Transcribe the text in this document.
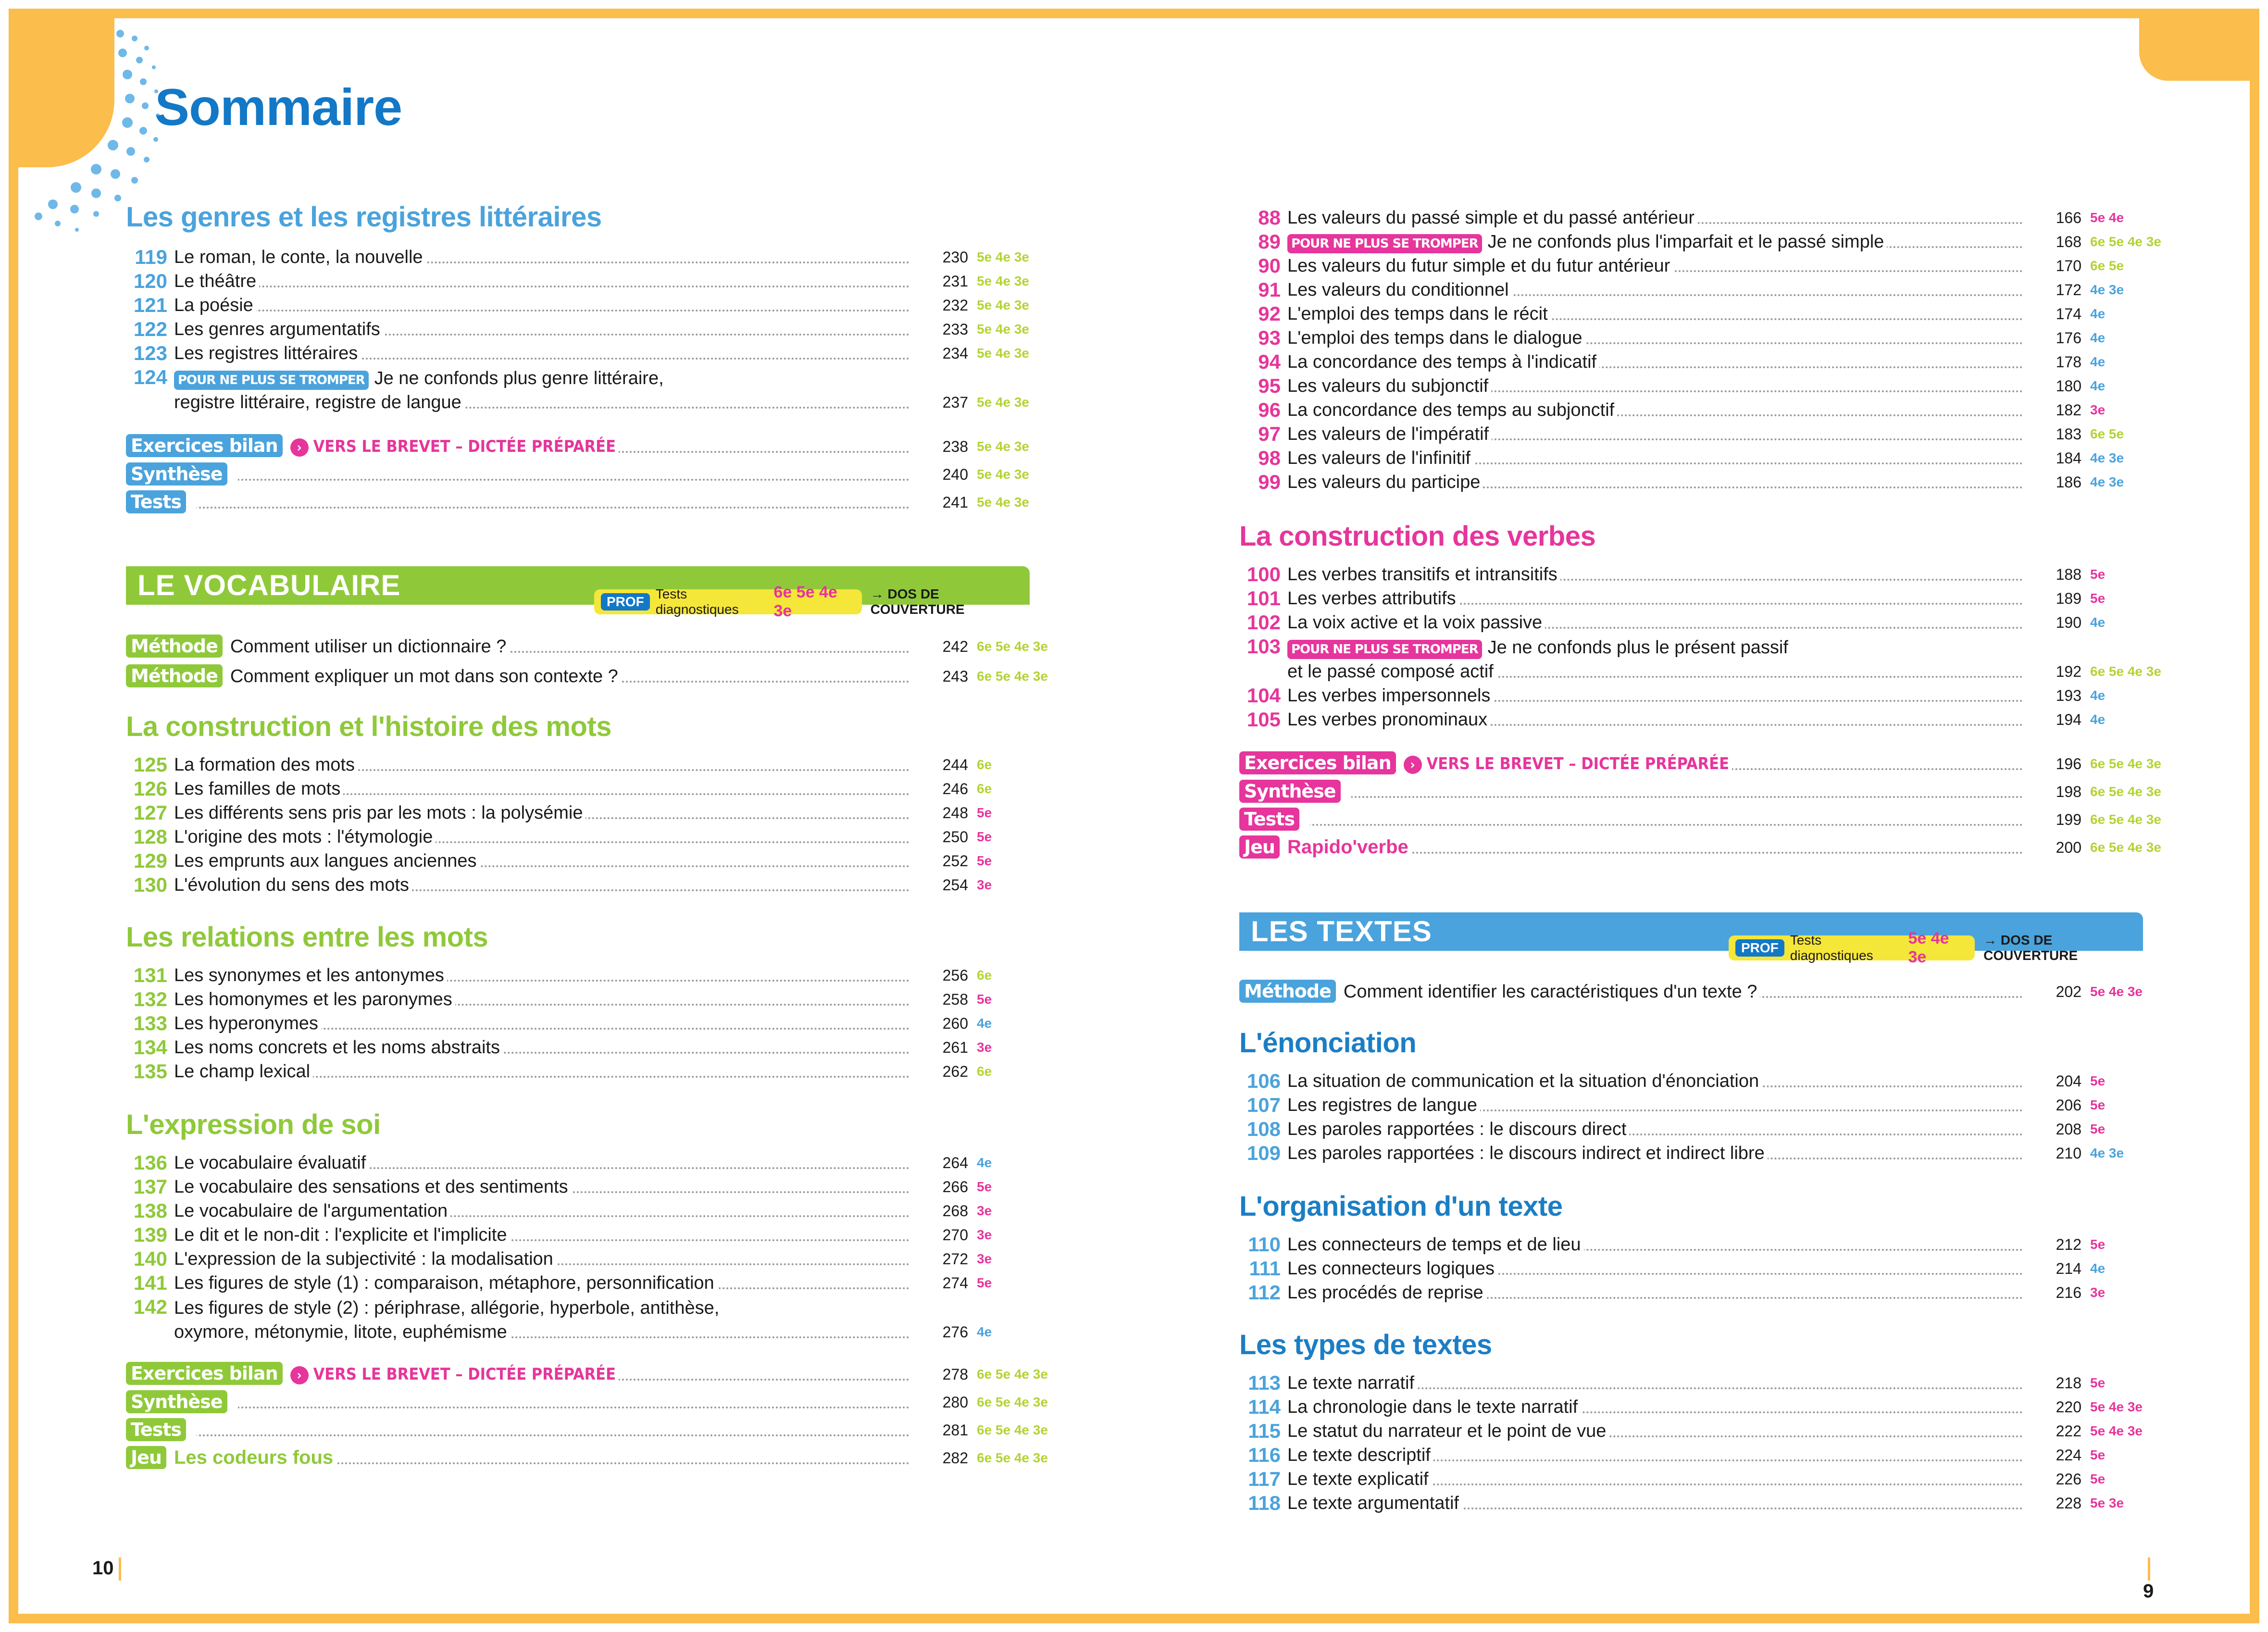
Sommaire
Les genres et les registres littéraires
119 Le roman, le conte, la nouvelle	230 5e 4e 3e
120 Le théâtre	231 5e 4e 3e
121 La poésie	232 5e 4e 3e
122 Les genres argumentatifs	233 5e 4e 3e
123 Les registres littéraires	234 5e 4e 3e
124 POUR NE PLUS SE TROMPER Je ne confonds plus genre littéraire,
registre littéraire, registre de langue	237 5e 4e 3e
Exercices bilan › VERS LE BREVET – DICTÉE PRÉPARÉE	238 5e 4e 3e
Synthèse	240 5e 4e 3e
Tests	241 5e 4e 3e
LE VOCABULAIRE
PROF
Tests diagnostiques
6e 5e 4e 3e
→ DOS DE COUVERTURE
Méthode Comment utiliser un dictionnaire ?	242 6e 5e 4e 3e
Méthode Comment expliquer un mot dans son contexte ?	243 6e 5e 4e 3e
La construction et l'histoire des mots
125 La formation des mots	244 6e
126 Les familles de mots	246 6e
127 Les différents sens pris par les mots : la polysémie	248 5e
128 L'origine des mots : l'étymologie	250 5e
129 Les emprunts aux langues anciennes	252 5e
130 L'évolution du sens des mots	254 3e
Les relations entre les mots
131 Les synonymes et les antonymes	256 6e
132 Les homonymes et les paronymes	258 5e
133 Les hyperonymes	260 4e
134 Les noms concrets et les noms abstraits	261 3e
135 Le champ lexical	262 6e
L'expression de soi
136 Le vocabulaire évaluatif	264 4e
137 Le vocabulaire des sensations et des sentiments	266 5e
138 Le vocabulaire de l'argumentation	268 3e
139 Le dit et le non-dit : l'explicite et l'implicite	270 3e
140 L'expression de la subjectivité : la modalisation	272 3e
141 Les figures de style (1) : comparaison, métaphore, personnification	274 5e
142 Les figures de style (2) : périphrase, allégorie, hyperbole, antithèse,
oxymore, métonymie, litote, euphémisme	276 4e
Exercices bilan › VERS LE BREVET – DICTÉE PRÉPARÉE	278 6e 5e 4e 3e
Synthèse	280 6e 5e 4e 3e
Tests	281 6e 5e 4e 3e
Jeu Les codeurs fous	282 6e 5e 4e 3e
10
88 Les valeurs du passé simple et du passé antérieur	166 5e 4e
89 POUR NE PLUS SE TROMPER Je ne confonds plus l'imparfait et le passé simple	168 6e 5e 4e 3e
90 Les valeurs du futur simple et du futur antérieur	170 6e 5e
91 Les valeurs du conditionnel	172 4e 3e
92 L'emploi des temps dans le récit	174 4e
93 L'emploi des temps dans le dialogue	176 4e
94 La concordance des temps à l'indicatif	178 4e
95 Les valeurs du subjonctif	180 4e
96 La concordance des temps au subjonctif	182 3e
97 Les valeurs de l'impératif	183 6e 5e
98 Les valeurs de l'infinitif	184 4e 3e
99 Les valeurs du participe	186 4e 3e
La construction des verbes
100 Les verbes transitifs et intransitifs	188 5e
101 Les verbes attributifs	189 5e
102 La voix active et la voix passive	190 4e
103 POUR NE PLUS SE TROMPER Je ne confonds plus le présent passif
et le passé composé actif	192 6e 5e 4e 3e
104 Les verbes impersonnels	193 4e
105 Les verbes pronominaux	194 4e
Exercices bilan › VERS LE BREVET – DICTÉE PRÉPARÉE	196 6e 5e 4e 3e
Synthèse	198 6e 5e 4e 3e
Tests	199 6e 5e 4e 3e
Jeu Rapido'verbe	200 6e 5e 4e 3e
LES TEXTES
PROF
Tests diagnostiques
5e 4e 3e
→ DOS DE COUVERTURE
Méthode Comment identifier les caractéristiques d'un texte ?	202 5e 4e 3e
L'énonciation
106 La situation de communication et la situation d'énonciation	204 5e
107 Les registres de langue	206 5e
108 Les paroles rapportées : le discours direct	208 5e
109 Les paroles rapportées : le discours indirect et indirect libre	210 4e 3e
L'organisation d'un texte
110 Les connecteurs de temps et de lieu	212 5e
111 Les connecteurs logiques	214 4e
112 Les procédés de reprise	216 3e
Les types de textes
113 Le texte narratif	218 5e
114 La chronologie dans le texte narratif	220 5e 4e 3e
115 Le statut du narrateur et le point de vue	222 5e 4e 3e
116 Le texte descriptif	224 5e
117 Le texte explicatif	226 5e
118 Le texte argumentatif	228 5e 3e
9
